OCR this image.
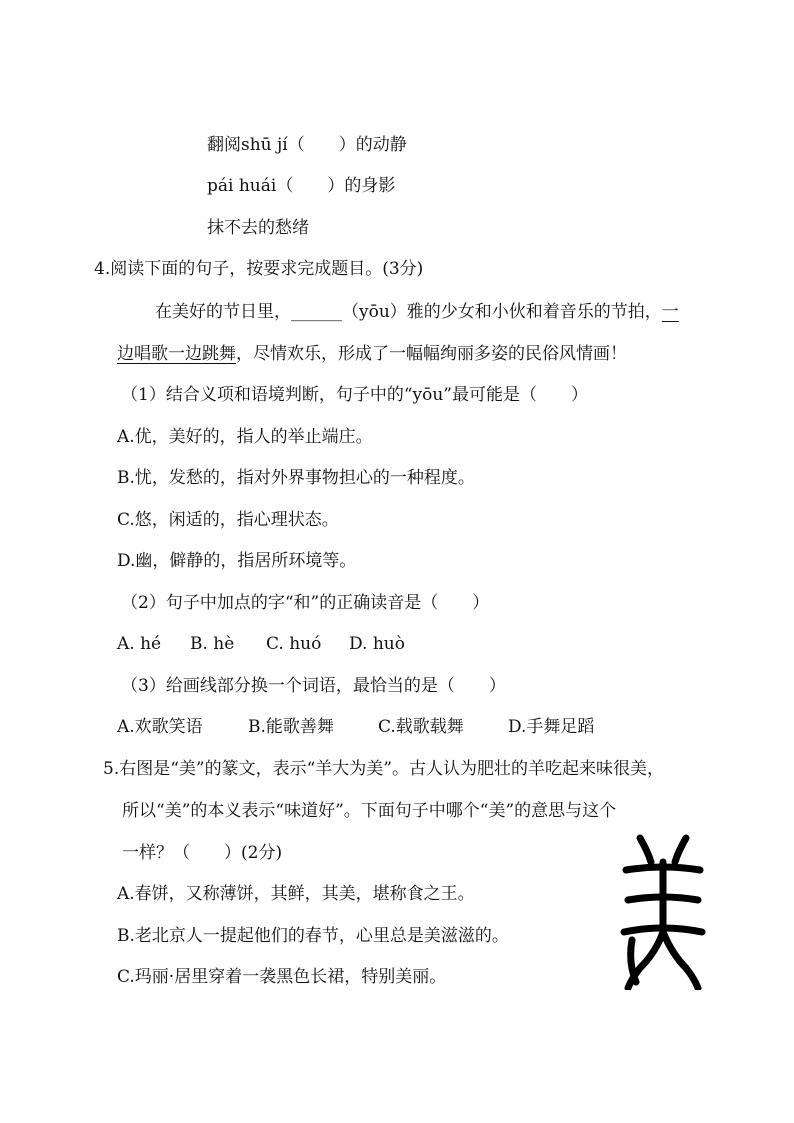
翻阅shū jí（　　）的动静
pái huái（　　）的身影
抹不去的愁绪
4.阅读下面的句子，按要求完成题目。(3分)
在美好的节日里，______（yōu）雅的少女和小伙和着音乐的节拍，一
边唱歌一边跳舞，尽情欢乐，形成了一幅幅绚丽多姿的民俗风情画！
（1）结合义项和语境判断，句子中的“yōu”最可能是（　　）
A.优，美好的，指人的举止端庄。
B.忧，发愁的，指对外界事物担心的一种程度。
C.悠，闲适的，指心理状态。
D.幽，僻静的，指居所环境等。
（2）句子中加点的字“和”的正确读音是（　　）
A. hé B. hè C. huó D. huò
（3）给画线部分换一个词语，最恰当的是（　　）
A.欢歌笑语	B.能歌善舞	C.载歌载舞	D.手舞足蹈
5.右图是“美”的篆文，表示“羊大为美”。古人认为肥壮的羊吃起来味很美，
所以“美”的本义表示“味道好”。下面句子中哪个“美”的意思与这个
一样？（　　）(2分)
A.春饼，又称薄饼，其鲜，其美，堪称食之王。
B.老北京人一提起他们的春节，心里总是美滋滋的。
C.玛丽·居里穿着一袭黑色长裙，特别美丽。
